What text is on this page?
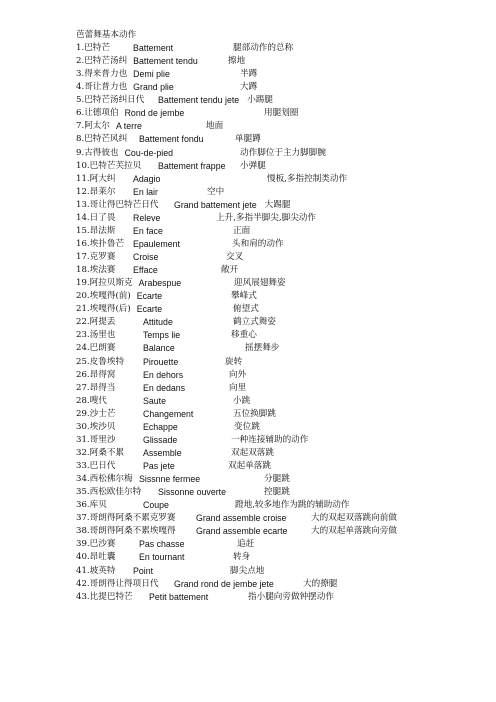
芭蕾舞基本动作
1.巴特芒	Battement	腿部动作的总称
2.巴特芒汤纠 Battement tendu	擦地
3.得来普力也 Demi plie	半蹲
4.哥让普力也 Grand plie	大蹲
5.巴特芒汤纠日代 Battement tendu jete 小踢腿
6.让德项伯 Rond de jembe	用腿划圈
7.阿太尔 A terre	地面
8.巴特芒风纠 Battement fondu	单腿蹲
9.古得彼也 Cou-de-pied	动作脚位于主力脚脚腕
10.巴特芒芙拉贝 Battement frappe 小弹腿
11.阿大纠 Adagio	慢板,多指控制类动作
12.昂莱尔 En lair	空中
13.哥让得巴特芒日代 Grand battement jete 大踢腿
14.日了畏 Releve	上升,多指半脚尖,脚尖动作
15.昂法斯 En face	正面
16.埃扑鲁芒 Epaulement	头和肩的动作
17.克罗赛 Croise	交叉
18.埃法赛 Efface	敞开
19.阿拉贝斯克 Arabespue	迎风展翅舞姿
20.埃嘎得(前) Ecarte	攀峰式
21.埃嘎得(后) Ecarte	俯望式
22.阿提丢	Attitude	鹤立式舞姿
23.汤里也	Temps lie	移重心
24.巴朗赛	Balance	摇摆舞步
25.皮鲁埃特 Pirouette	旋转
26.昂得窝	En dehors	向外
27.昂得当	En dedans	向里
28.嗖代	Saute	小跳
29.沙士芒	Changement	五位换脚跳
30.埃沙贝	Echappe	变位跳
31.哥里沙	Glissade	一种连接辅助的动作
32.阿桑不累 Assemble	双起双落跳
33.巴日代	Pas jete	双起单落跳
34.西松佛尔梅 Sissnne fermee	分腿跳
35.西松欧佳尔特 Sissonne ouverte	控腿跳
36.库贝	Coupe	蹬地,较多地作为跳的辅助动作
37.哥朗得阿桑不累克罗赛 Grand assemble croise	大的双起双落跳向前做
38.哥朗得阿桑不累埃嘎得 Grand assemble ecarte	大的双起单落跳向旁做
39.巴沙赛	Pas chasse	追赶
40.昂吐囊	En tournant	转身
41.坡英特 Point	脚尖点地
42.哥朗得让得项日代 Grand rond de jembe jete	大的撩腿
43.比提巴特芒 Petit battement	指小腿向旁做钟摆动作
